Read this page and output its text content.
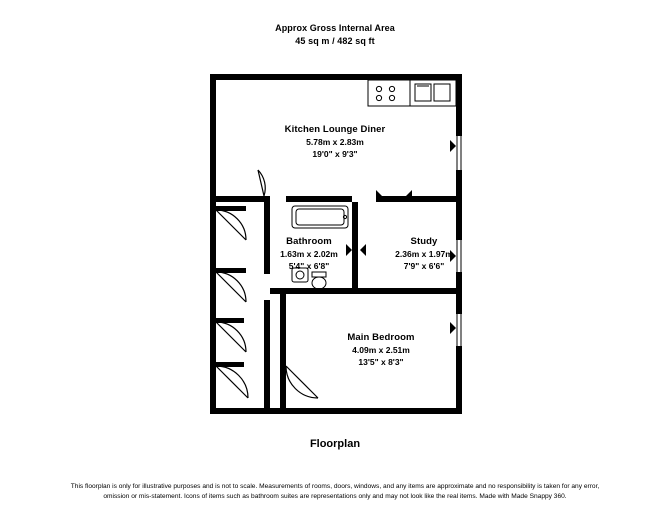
Approx Gross Internal Area
45 sq m / 482 sq ft
Kitchen Lounge Diner
5.78m x 2.83m
19'0" x 9'3"
Bathroom
1.63m x 2.02m
5'4" x 6'8"
Study
2.36m x 1.97m
7'9" x 6'6"
Main Bedroom
4.09m x 2.51m
13'5" x 8'3"
Floorplan
This floorplan is only for illustrative purposes and is not to scale. Measurements of rooms, doors, windows, and any items are approximate and no responsibility is taken for any error, omission or mis-statement. Icons of items such as bathroom suites are representations only and may not look like the real items. Made with Made Snappy 360.
